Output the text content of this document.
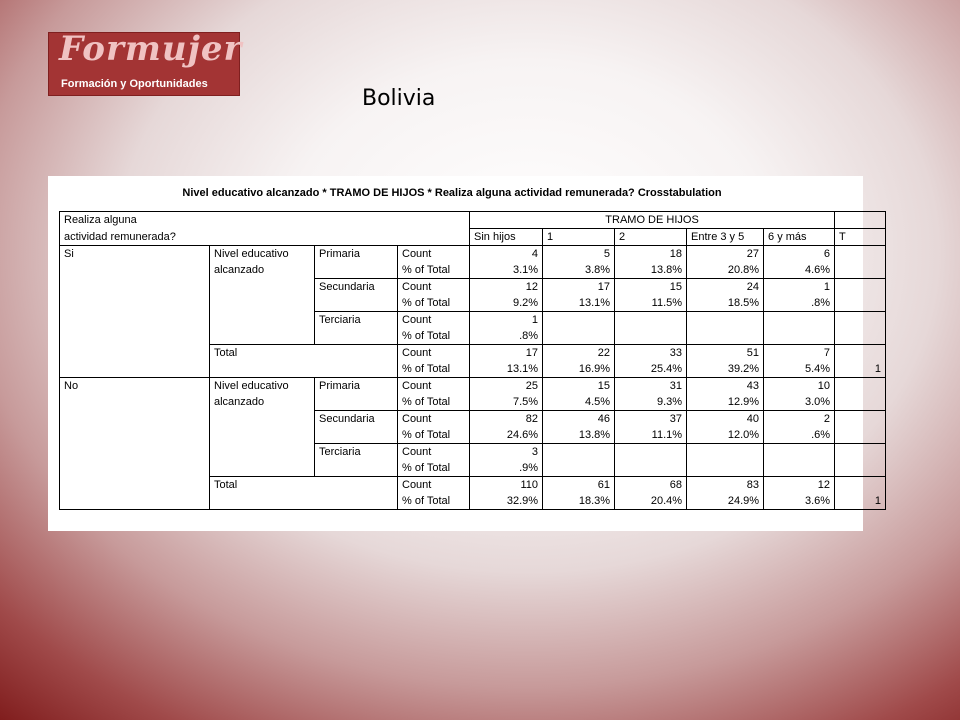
Formujer
Formación y Oportunidades
Bolivia
Nivel educativo alcanzado * TRAMO DE HIJOS * Realiza alguna actividad remunerada? Crosstabulation
Realiza alguna				TRAMO DE HIJOS					
actividad remunerada?				Sin hijos	1	2	Entre 3 y 5	6 y más	T
Si	Nivel educativo	Primaria	Count	4	5	18	27	6	
	alcanzado		% of Total	3.1%	3.8%	13.8%	20.8%	4.6%	
		Secundaria	Count	12	17	15	24	1	
			% of Total	9.2%	13.1%	11.5%	18.5%	.8%	
		Terciaria	Count	1					
			% of Total	.8%					
	Total		Count	17	22	33	51	7	
			% of Total	13.1%	16.9%	25.4%	39.2%	5.4%	1
No	Nivel educativo	Primaria	Count	25	15	31	43	10	
	alcanzado		% of Total	7.5%	4.5%	9.3%	12.9%	3.0%	
		Secundaria	Count	82	46	37	40	2	
			% of Total	24.6%	13.8%	11.1%	12.0%	.6%	
		Terciaria	Count	3					
			% of Total	.9%					
	Total		Count	110	61	68	83	12	
			% of Total	32.9%	18.3%	20.4%	24.9%	3.6%	1
